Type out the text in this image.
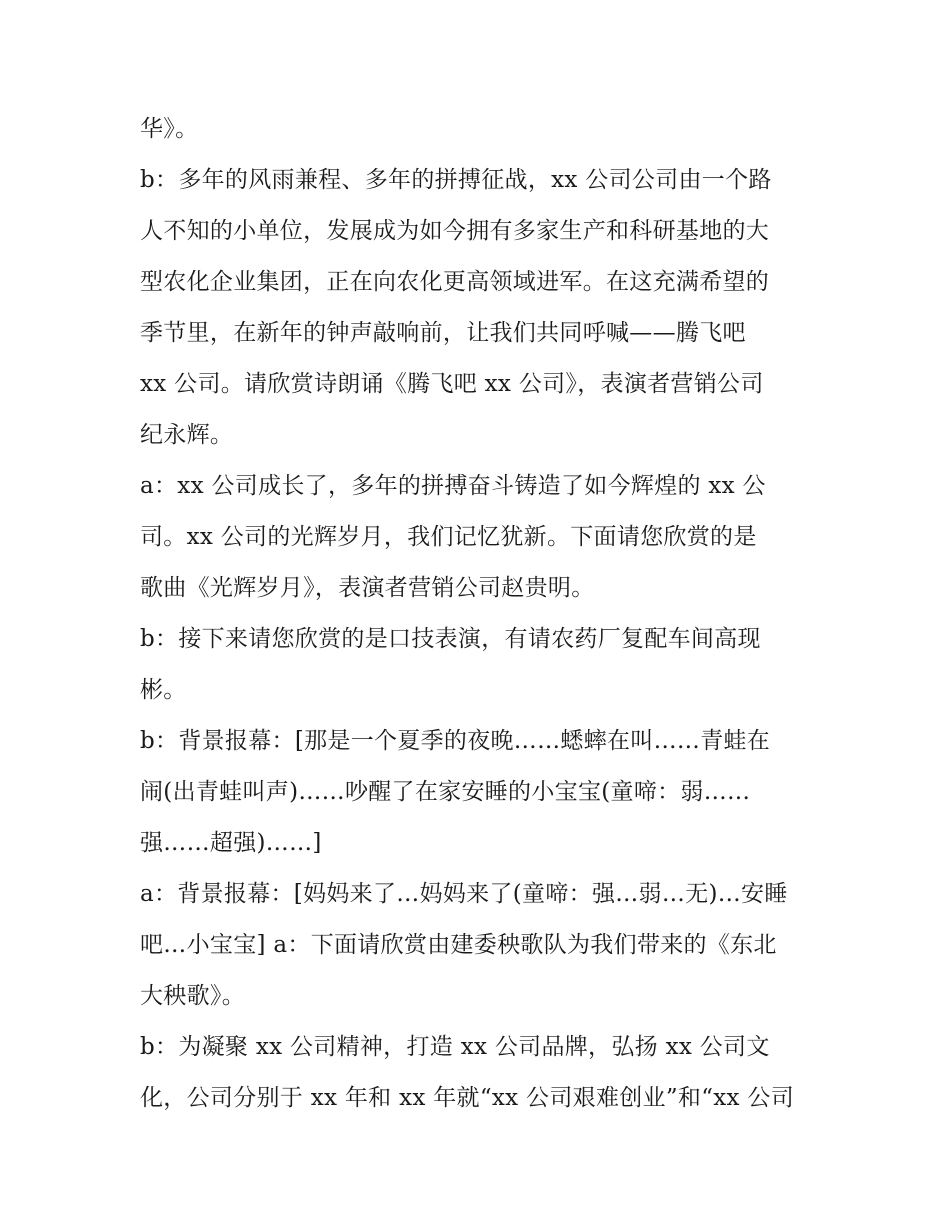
华》。
b：多年的风雨兼程、多年的拼搏征战，xx 公司公司由一个路
人不知的小单位，发展成为如今拥有多家生产和科研基地的大
型农化企业集团，正在向农化更高领域进军。在这充满希望的
季节里，在新年的钟声敲响前，让我们共同呼喊——腾飞吧
xx 公司。请欣赏诗朗诵《腾飞吧 xx 公司》，表演者营销公司
纪永辉。
a：xx 公司成长了，多年的拼搏奋斗铸造了如今辉煌的 xx 公
司。xx 公司的光辉岁月，我们记忆犹新。下面请您欣赏的是
歌曲《光辉岁月》，表演者营销公司赵贵明。
b：接下来请您欣赏的是口技表演，有请农药厂复配车间高现
彬。
b：背景报幕：[那是一个夏季的夜晚……蟋蟀在叫……青蛙在
闹(出青蛙叫声)……吵醒了在家安睡的小宝宝(童啼：弱……
强……超强)……]
a：背景报幕：[妈妈来了…妈妈来了(童啼：强…弱…无)…安睡
吧…小宝宝] a：下面请欣赏由建委秧歌队为我们带来的《东北
大秧歌》。
b：为凝聚 xx 公司精神，打造 xx 公司品牌，弘扬 xx 公司文
化，公司分别于 xx 年和 xx 年就“xx 公司艰难创业”和“xx 公司
